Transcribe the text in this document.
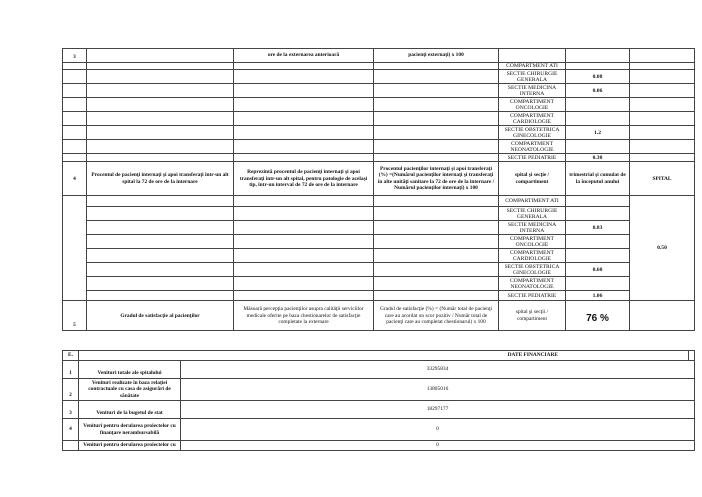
3		ore de la externarea anterioară	pacienţi externaţi) x 100			
				COMPARTMENT ATI		
				SECTIE CHIRURGIE GENERALA	0.08	
				SECTIE MEDICINA INTERNA	0.06	
				COMPARTIMENT ONCOLOGIE		
				COMPARTIMENT CARDIOLOGIE		
				SECTIE OBSTETRICA GINECOLOGIE	1.2	
				COMPARTMENT NEONATOLOGIE		
				SECTIE PEDIATRIE	0.30	
4	Procentul de pacienţi internaţi şi apoi transferaţi într-un alt spital la 72 de ore de la internare	Reprezintă procentul de pacienţi internaţi şi apoi transferaţi într-un alt spital, pentru patologie de acelaşi tip, într-un interval de 72 de ore de la internare	Procentul pacienţilor internaţi şi apoi transferaţi (%) =(Numărul pacienţilor internaţi şi transferaţi în alte unităţi sanitare la 72 de ore de la internare / Numărul pacienţilor internaţi) x 100	spital şi secţie / compartiment	trimestrial şi cumulat de la începutul anului	SPITAL
				COMPARTIMENT ATI		0.50
				SECTIE CHIRURGIE GENERALA		
				SECTIE MEDICINA INTERNA	0.83	
				COMPARTIMENT ONCOLOGIE		
				COMPARTIMENT CARDIOLOGIE		
				SECTIE OBSTETRICA GINECOLOGIE	0.60	
				COMPARTIMENT NEONATOLOGIE		
				SECTIE PEDIATRIE	1.06	
5	Gradul de satisfacţie al pacienţilor	Măsoară percepţia pacienţilor asupra calităţii serviciilor medicale oferite pe baza chestionarelor de satisfacţie completate la externare	Gradul de satisfacţie (%) = (Număr total de pacienţi care au acordat un scor pozitiv / Număr total de pacienţi care au completat chestionarul) x 100	spital şi secţii / compartiment	76 %	
E.	DATE FINANCIARE		
1	Venituri totale ale spitalului	33295834	
2	Venituri realizate în baza relaţiei contractuale cu casa de asigurări de sănătate	13805016	
3	Venituri de la bugetul de stat	18297177	
4	Venituri pentru derularea proiectelor cu finanţare nerambursabilă	0	
	Venituri pentru derularea proiectelor cu	0	
